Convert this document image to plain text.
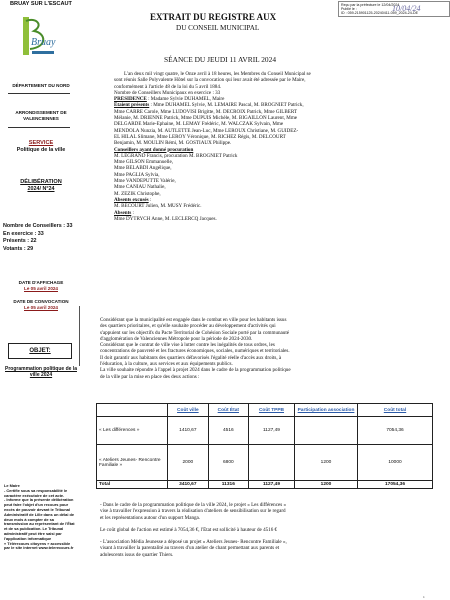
BRUAY SUR L'ESCAUT
Bruay
DÉPARTEMENT DU NORD
ARRONDISSEMENT DE VALENCIENNES
SERVICE
Politique de la ville
DÉLIBÉRATION
2024/ N°24
Nombre de Conseillers : 33
En exercice : 33
Présents : 22
Votants : 29
DATE D'AFFICHAGE
Le 05 avril 2024
DATE DE CONVOCATION
Le 05 avril 2024
OBJET:
Programmation politique de la ville 2024
Le Maire
- Certifie sous sa responsabilité le
caractère exécutoire de cet acte.
- Informe que la présente délibération
peut faire l'objet d'un recours pour
excès de pouvoir devant le Tribunal
Administratif de Lille dans un délai de
deux mois à compter de sa
transmission au représentant de l'État
et de sa publication. Le Tribunal
administratif peut être saisi par
l'application informatique
« Télérecours citoyens » accessible
par le site internet www.telerecours.fr
Reçu par la préfecture le 12/04/2024
Publié le :
ID : 059-215901125-20240411-059_2024-24-DE
10/04/24
EXTRAIT DU REGISTRE AUX
DU CONSEIL MUNICIPAL
SÉANCE DU JEUDI 11 AVRIL 2024
L'an deux mil vingt quatre, le Onze avril à 18 heures, les Membres du Conseil Municipal se
sont réunis Salle Polyvalente Hôtel sur la convocation qui leur avait été adressée par le Maire,
conformément à l'article 48 de la loi du 5 avril 1884.
Nombre de Conseillers Municipaux en exercice : 33
PRÉSIDENCE : Madame Sylvie DUHAMEL, Maire
Étaient présents : Mme DUHAMEL Sylvie, M. LEMAIRE Pascal, M. BROGNIET Patrick,
Mme CARRE Carole, Mme LUDOVISI Brigitte, M. DECROIX Patrick, Mme GILBERT
Mélanie, M. DRIENNE Patrick, Mme DUPUIS Michèle, M. BIGAILLON Laurent, Mme
DELGARDE Marie-Éphaine, M. LEMAY Frédéric, M. WALCZAK Sylvain, Mme
MENDOLA Nunzia, M. AUTLETTE Jean-Luc, Mme LEROUX Christiane, M. GUIDEZ-
EL HILAL Slimane, Mme LEROY Véronique, M. RICHEZ Régis, M. DELCOURT
Benjamin, M. MOULIN Rémi, M. GOSTIAUX Philippe.
Conseillers ayant donné procuration
M. LEGRAND Francis, procuration M. BROGNIET Patrick
Mme GILSON Emmanuelle,
Mme BELABDI Angélique,
Mme PAGLIA Sylvia,
Mme VANDEPUTTE Valérie,
Mme CANIAU Nathalie,
M. ZEZIK Christophe,
Absents excusés :
M. BECOURT Julien, M. MUSY Frédéric.
Absents :
Mme DYTRYCH Anne, M. LECLERCQ Jacques.
Considérant que la municipalité est engagée dans le combat en ville pour les habitants issus
des quartiers prioritaires, et qu'elle souhaite procéder au développement d'activités qui
s'appuient sur les objectifs du Pacte Territorial de Cohésion Sociale porté par la communauté
d'agglomération de Valenciennes Métropole pour la période de 2024-2030.
Considérant que le contrat de ville vise à lutter contre les inégalités de tous ordres, les
concentrations de pauvreté et les fractures économiques, sociales, numériques et territoriales.
Il doit garantir aux habitants des quartiers défavorisés l'égalité réelle d'accès aux droits, à
l'éducation, à la culture, aux services et aux équipements publics.
La ville souhaite répondre à l'appel à projet 2024 dans le cadre de la programmation politique
de la ville par la mise en place des deux actions :
	Coût ville	Coût État	Coût TPPB	Participation association	Coût total
« Les différences »	1410,67	4516	1127,49		7054,36
« Ateliers Jeunes- Rencontre Familiale »	2000	6800		1200	10000
Total	3410,67	11316	1127,49	1200	17054,36
- Dans le cadre de la programmation politique de la ville 2024, le projet « Les différences »
vise à travailler l'expression à travers la réalisation d'ateliers de sensibilisation sur le regard
et les représentations autour d'un support Manga.
Le coût global de l'action est estimé à 7054,36 €, l'État est sollicité à hauteur de 4516 €
- L'association Média Jeunesse a déposé un projet « Ateliers Jeunes- Rencontre Familiale »,
visant à travailler la parentalité au travers d'un atelier de chant permettant aux parents et
adolescents issus de quartier Thiers.
1
